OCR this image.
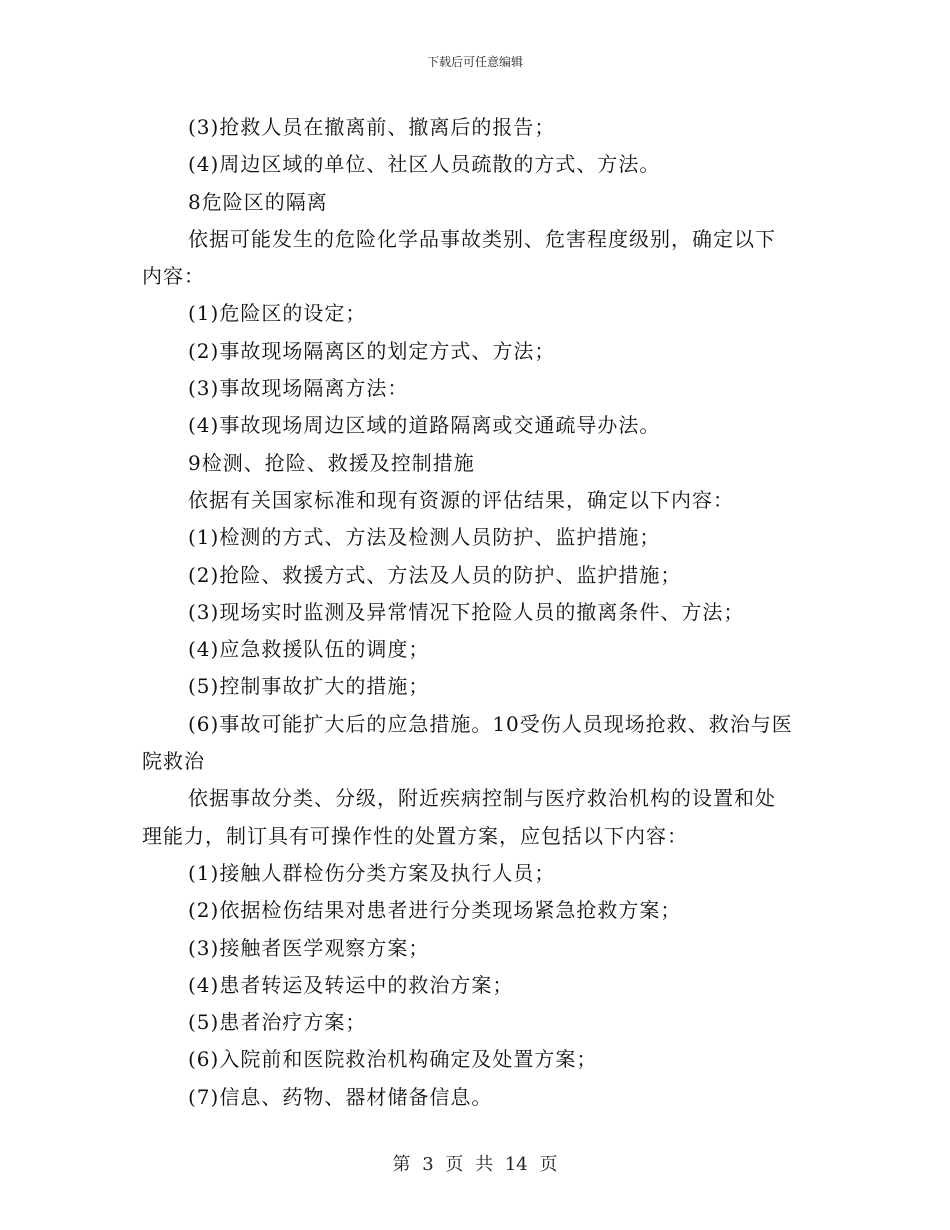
下载后可任意编辑

(3)抢救人员在撤离前、撤离后的报告；

(4)周边区域的单位、社区人员疏散的方式、方法。

8危险区的隔离

依据可能发生的危险化学品事故类别、危害程度级别，确定以下

内容：

(1)危险区的设定；

(2)事故现场隔离区的划定方式、方法；

(3)事故现场隔离方法：

(4)事故现场周边区域的道路隔离或交通疏导办法。

9检测、抢险、救援及控制措施

依据有关国家标准和现有资源的评估结果，确定以下内容：

(1)检测的方式、方法及检测人员防护、监护措施；

(2)抢险、救援方式、方法及人员的防护、监护措施；

(3)现场实时监测及异常情况下抢险人员的撤离条件、方法；

(4)应急救援队伍的调度；

(5)控制事故扩大的措施；

(6)事故可能扩大后的应急措施。10受伤人员现场抢救、救治与医

院救治

依据事故分类、分级，附近疾病控制与医疗救治机构的设置和处

理能力，制订具有可操作性的处置方案，应包括以下内容：

(1)接触人群检伤分类方案及执行人员；

(2)依据检伤结果对患者进行分类现场紧急抢救方案；

(3)接触者医学观察方案；

(4)患者转运及转运中的救治方案；

(5)患者治疗方案；

(6)入院前和医院救治机构确定及处置方案；

(7)信息、药物、器材储备信息。

第 3 页 共 14 页
